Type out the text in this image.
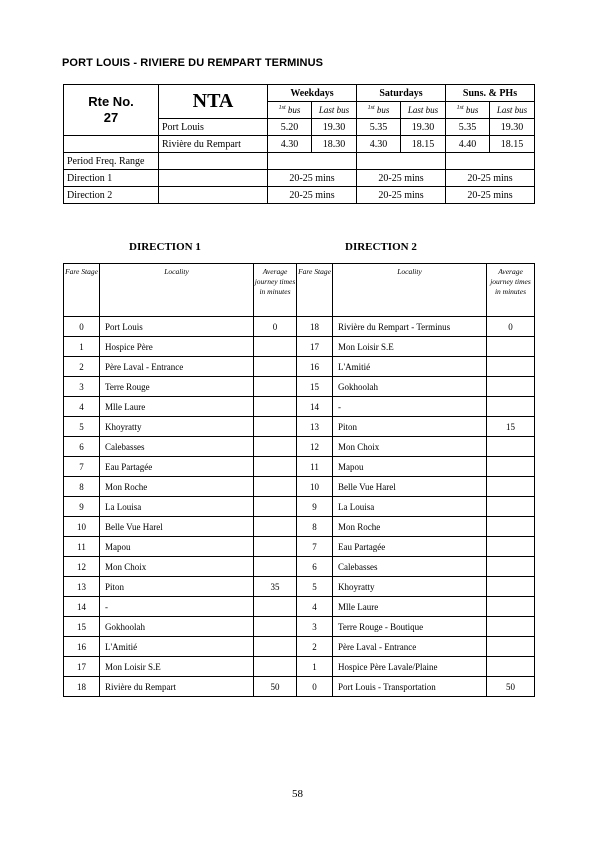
PORT LOUIS - RIVIERE DU REMPART TERMINUS
Rte No.
27	NTA	Weekdays		Saturdays		Suns. & PHs	
		$^{1st}$ bus	Last bus	$^{1st}$ bus	Last bus	$^{1st}$ bus	Last bus
	Port Louis	5.20	19.30	5.35	19.30	5.35	19.30
	Rivière du Rempart	4.30	18.30	4.30	18.15	4.40	18.15
Period Freq. Range							
Direction 1		20-25 mins		20-25 mins		20-25 mins	
Direction 2		20-25 mins		20-25 mins		20-25 mins	
DIRECTION 1	DIRECTION 2
Fare Stage	Locality	Average journey times in minutes	Fare Stage	Locality	Average journey times in minutes
0	Port Louis	0	18	Rivière du Rempart - Terminus	0
1	Hospice Père		17	Mon Loisir S.E	
2	Père Laval - Entrance		16	L'Amitié	
3	Terre Rouge		15	Gokhoolah	
4	Mlle Laure		14	-	
5	Khoyratty		13	Piton	15
6	Calebasses		12	Mon Choix	
7	Eau Partagée		11	Mapou	
8	Mon Roche		10	Belle Vue Harel	
9	La Louisa		9	La Louisa	
10	Belle Vue Harel		8	Mon Roche	
11	Mapou		7	Eau Partagée	
12	Mon Choix		6	Calebasses	
13	Piton	35	5	Khoyratty	
14	-		4	Mlle Laure	
15	Gokhoolah		3	Terre Rouge - Boutique	
16	L'Amitié		2	Père Laval - Entrance	
17	Mon Loisir S.E		1	Hospice Père Lavale/Plaine	
18	Rivière du Rempart	50	0	Port Louis - Transportation	50
58
